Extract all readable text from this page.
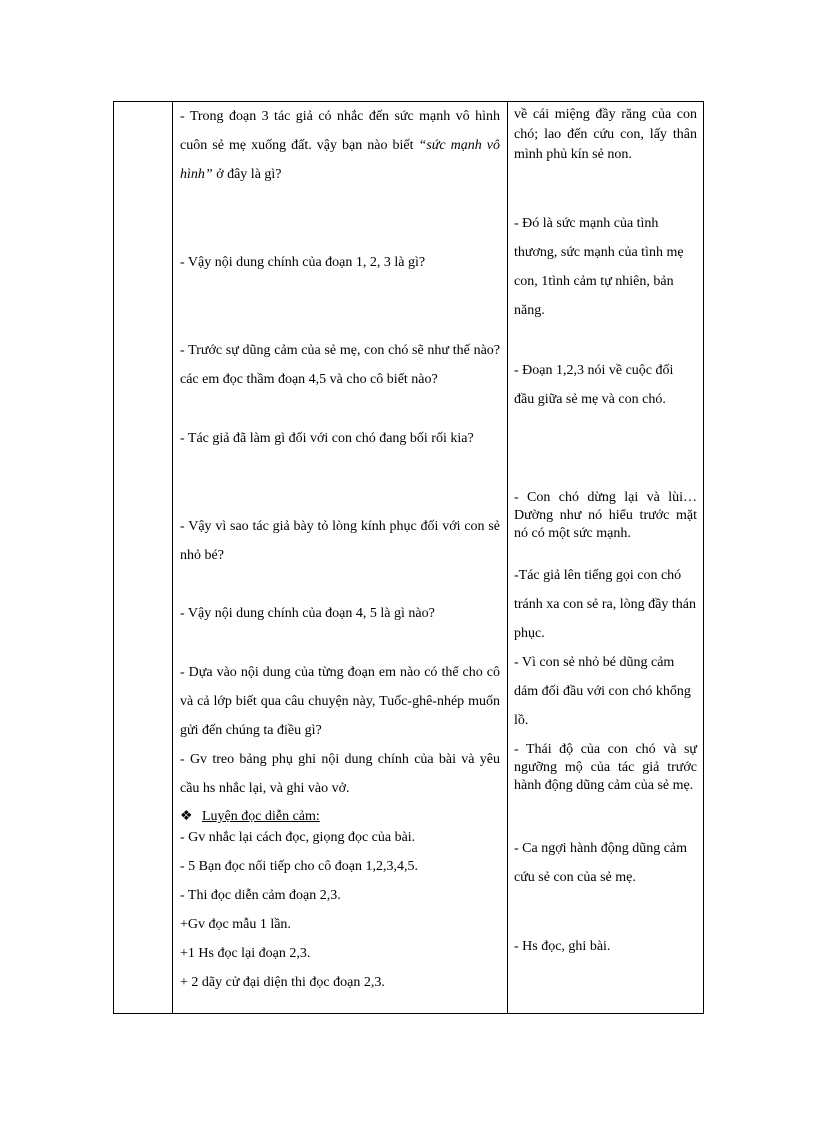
- Trong đoạn 3 tác giả có nhắc đến sức mạnh vô hình cuôn sẻ mẹ xuống đất. vậy bạn nào biết “sức mạnh vô hình” ở đây là gì?

- Vậy nội dung chính của đoạn 1, 2, 3 là gì?

- Trước sự dũng cảm của sẻ mẹ, con chó sẽ như thế nào? các em đọc thầm đoạn 4,5 và cho cô biết nào?

- Tác giả đã làm gì đối với con chó đang bối rối kia?

- Vậy vì sao tác giả bày tỏ lòng kính phục đối với con sẻ nhỏ bé?

- Vậy nội dung chính của đoạn 4, 5 là gì nào?

- Dựa vào nội dung của từng đoạn em nào có thể cho cô và cả lớp biết qua câu chuyện này, Tuốc-ghê-nhép muốn gửi đến chúng ta điều gì?

- Gv treo bảng phụ ghi nội dung chính của bài và yêu cầu hs nhắc lại, và ghi vào vở.

❖ Luyện đọc diễn cảm:

- Gv nhắc lại cách đọc, giọng đọc của bài.

- 5 Bạn đọc nối tiếp cho cô đoạn 1,2,3,4,5.

- Thi đọc diễn cảm đoạn 2,3.

+Gv đọc mẫu 1 lần.

+1 Hs đọc lại đoạn 2,3.

+ 2 dãy cử đại diện thi đọc đoạn 2,3.

về cái miệng đầy răng của con chó; lao đến cứu con, lấy thân mình phủ kín sẻ non.

- Đó là sức mạnh của tình thương, sức mạnh của tình mẹ con, 1tình cảm tự nhiên, bản năng.

- Đoạn 1,2,3 nói về cuộc đối đầu giữa sẻ mẹ và con chó.

- Con chó dừng lại và lùi…Dường như nó hiểu trước mặt nó có một sức mạnh.

-Tác giả lên tiếng gọi con chó tránh xa con sẻ ra, lòng đầy thán phục.

- Vì con sẻ nhỏ bé dũng cảm dám đối đầu với con chó khổng lồ.

- Thái độ của con chó và sự ngưỡng mộ của tác giả trước hành động dũng cảm của sẻ mẹ.

- Ca ngợi hành động dũng cảm cứu sẻ con của sẻ mẹ.

- Hs đọc, ghi bài.
